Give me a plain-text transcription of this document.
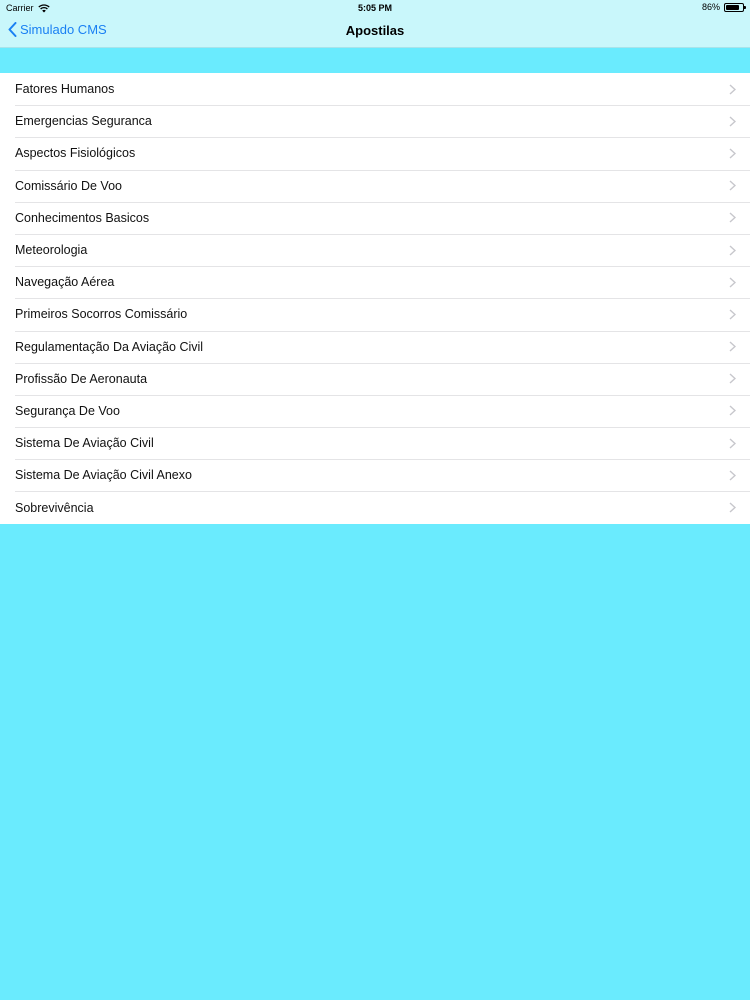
Carrier	5:05 PM	86%
Simulado CMS	Apostilas
Fatores Humanos
Emergencias Seguranca
Aspectos Fisiológicos
Comissário De Voo
Conhecimentos Basicos
Meteorologia
Navegação Aérea
Primeiros Socorros Comissário
Regulamentação Da Aviação Civil
Profissão De Aeronauta
Segurança De Voo
Sistema De Aviação Civil
Sistema De Aviação Civil Anexo
Sobrevivência
